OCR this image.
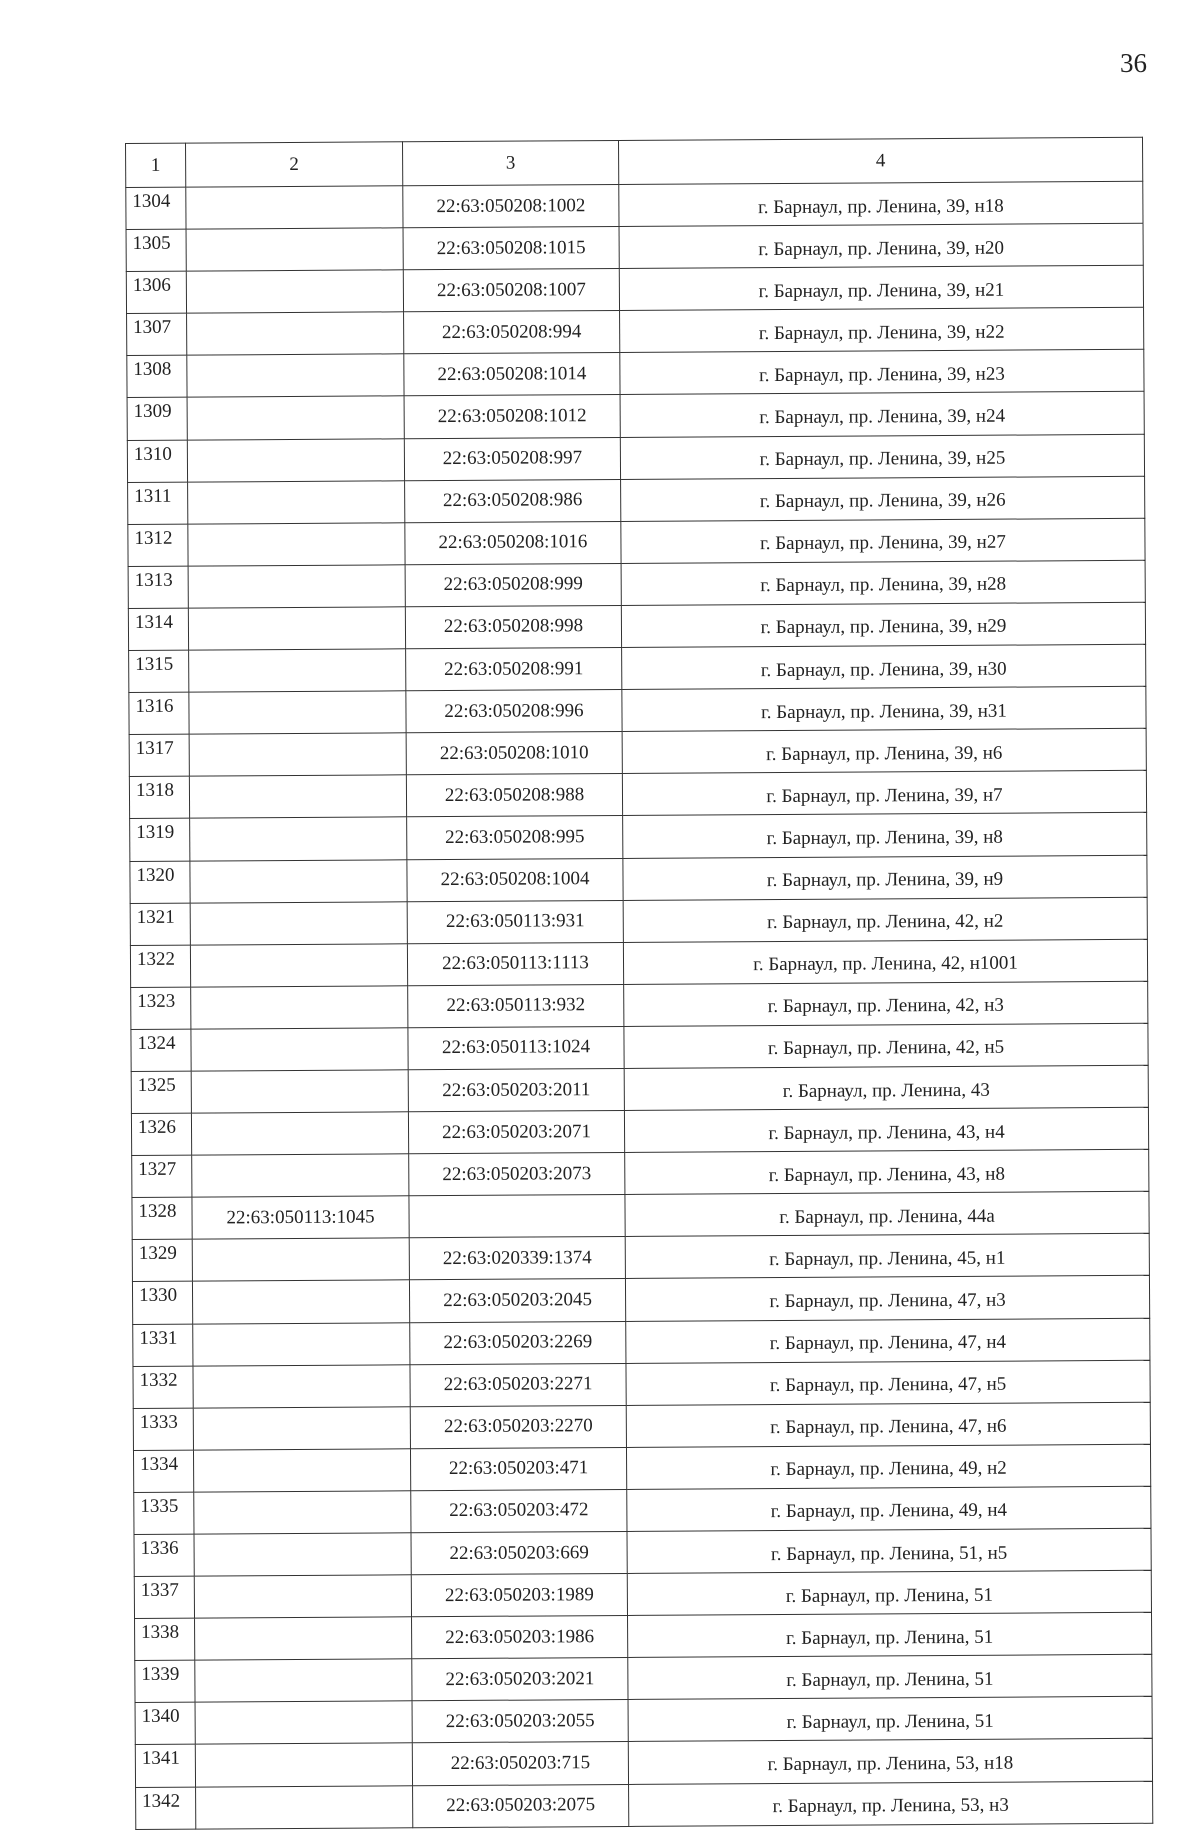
36
1	2	3	4
1304		22:63:050208:1002	г. Барнаул, пр. Ленина, 39, н18
1305		22:63:050208:1015	г. Барнаул, пр. Ленина, 39, н20
1306		22:63:050208:1007	г. Барнаул, пр. Ленина, 39, н21
1307		22:63:050208:994	г. Барнаул, пр. Ленина, 39, н22
1308		22:63:050208:1014	г. Барнаул, пр. Ленина, 39, н23
1309		22:63:050208:1012	г. Барнаул, пр. Ленина, 39, н24
1310		22:63:050208:997	г. Барнаул, пр. Ленина, 39, н25
1311		22:63:050208:986	г. Барнаул, пр. Ленина, 39, н26
1312		22:63:050208:1016	г. Барнаул, пр. Ленина, 39, н27
1313		22:63:050208:999	г. Барнаул, пр. Ленина, 39, н28
1314		22:63:050208:998	г. Барнаул, пр. Ленина, 39, н29
1315		22:63:050208:991	г. Барнаул, пр. Ленина, 39, н30
1316		22:63:050208:996	г. Барнаул, пр. Ленина, 39, н31
1317		22:63:050208:1010	г. Барнаул, пр. Ленина, 39, н6
1318		22:63:050208:988	г. Барнаул, пр. Ленина, 39, н7
1319		22:63:050208:995	г. Барнаул, пр. Ленина, 39, н8
1320		22:63:050208:1004	г. Барнаул, пр. Ленина, 39, н9
1321		22:63:050113:931	г. Барнаул, пр. Ленина, 42, н2
1322		22:63:050113:1113	г. Барнаул, пр. Ленина, 42, н1001
1323		22:63:050113:932	г. Барнаул, пр. Ленина, 42, н3
1324		22:63:050113:1024	г. Барнаул, пр. Ленина, 42, н5
1325		22:63:050203:2011	г. Барнаул, пр. Ленина, 43
1326		22:63:050203:2071	г. Барнаул, пр. Ленина, 43, н4
1327		22:63:050203:2073	г. Барнаул, пр. Ленина, 43, н8
1328	22:63:050113:1045		г. Барнаул, пр. Ленина, 44а
1329		22:63:020339:1374	г. Барнаул, пр. Ленина, 45, н1
1330		22:63:050203:2045	г. Барнаул, пр. Ленина, 47, н3
1331		22:63:050203:2269	г. Барнаул, пр. Ленина, 47, н4
1332		22:63:050203:2271	г. Барнаул, пр. Ленина, 47, н5
1333		22:63:050203:2270	г. Барнаул, пр. Ленина, 47, н6
1334		22:63:050203:471	г. Барнаул, пр. Ленина, 49, н2
1335		22:63:050203:472	г. Барнаул, пр. Ленина, 49, н4
1336		22:63:050203:669	г. Барнаул, пр. Ленина, 51, н5
1337		22:63:050203:1989	г. Барнаул, пр. Ленина, 51
1338		22:63:050203:1986	г. Барнаул, пр. Ленина, 51
1339		22:63:050203:2021	г. Барнаул, пр. Ленина, 51
1340		22:63:050203:2055	г. Барнаул, пр. Ленина, 51
1341		22:63:050203:715	г. Барнаул, пр. Ленина, 53, н18
1342		22:63:050203:2075	г. Барнаул, пр. Ленина, 53, н3
